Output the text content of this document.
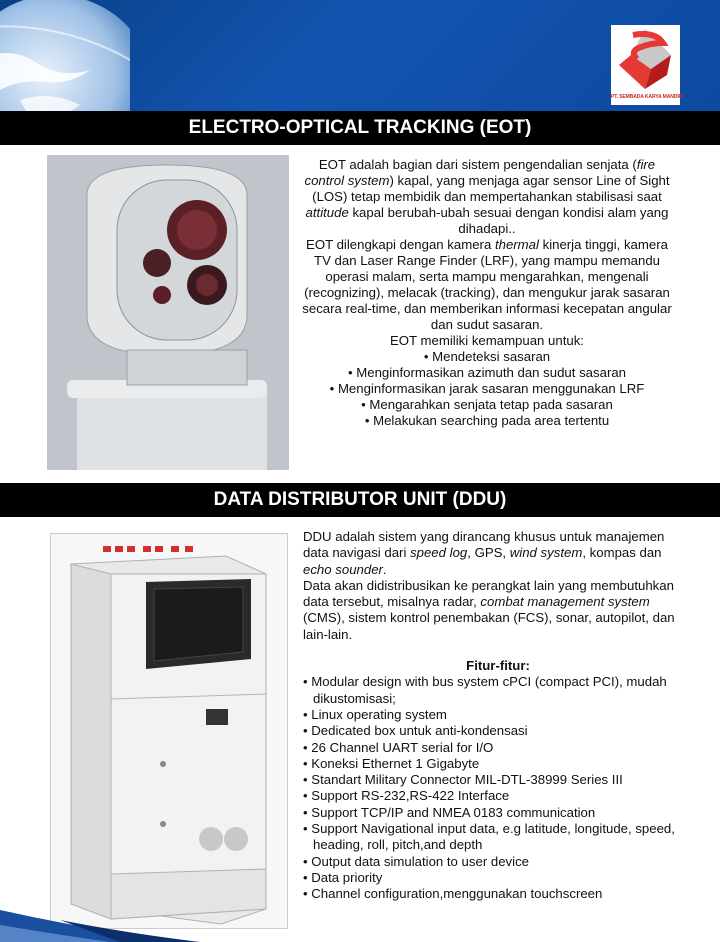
PT. SEMBADA KARYA MANDIRI
ELECTRO-OPTICAL TRACKING (EOT)

EOT adalah bagian dari sistem pengendalian senjata (fire control system) kapal, yang menjaga agar sensor Line of Sight (LOS) tetap membidik dan mempertahankan stabilisasi saat attitude kapal berubah-ubah sesuai dengan kondisi alam yang dihadapi..

EOT dilengkapi dengan kamera thermal kinerja tinggi, kamera TV dan Laser Range Finder (LRF), yang mampu memandu operasi malam, serta mampu mengarahkan, mengenali (recognizing), melacak (tracking), dan mengukur jarak sasaran secara real-time, dan memberikan informasi kecepatan angular dan sudut sasaran.

EOT memiliki kemampuan untuk:

• Mendeteksi sasaran

• Menginformasikan azimuth dan sudut sasaran

• Menginformasikan jarak sasaran menggunakan LRF

• Mengarahkan senjata tetap pada sasaran

• Melakukan searching pada area tertentu

DATA DISTRIBUTOR UNIT (DDU)

DDU adalah sistem yang dirancang khusus untuk manajemen data navigasi dari speed log, GPS, wind system, kompas dan echo sounder.

Data akan didistribusikan ke perangkat lain yang membutuhkan data tersebut, misalnya radar, combat management system (CMS), sistem kontrol penembakan (FCS), sonar, autopilot, dan lain-lain.

Fitur-fitur:

• Modular design with bus system cPCI (compact PCI), mudah dikustomisasi;
• Linux operating system
• Dedicated box untuk anti-kondensasi
• 26 Channel UART serial for I/O
• Koneksi Ethernet 1 Gigabyte
• Standart Military Connector MIL-DTL-38999 Series III
• Support RS-232,RS-422 Interface
• Support TCP/IP and NMEA 0183 communication
• Support Navigational input data, e.g latitude, longitude, speed, heading, roll, pitch,and depth
• Output data simulation to user device
• Data priority
• Channel configuration,menggunakan touchscreen
